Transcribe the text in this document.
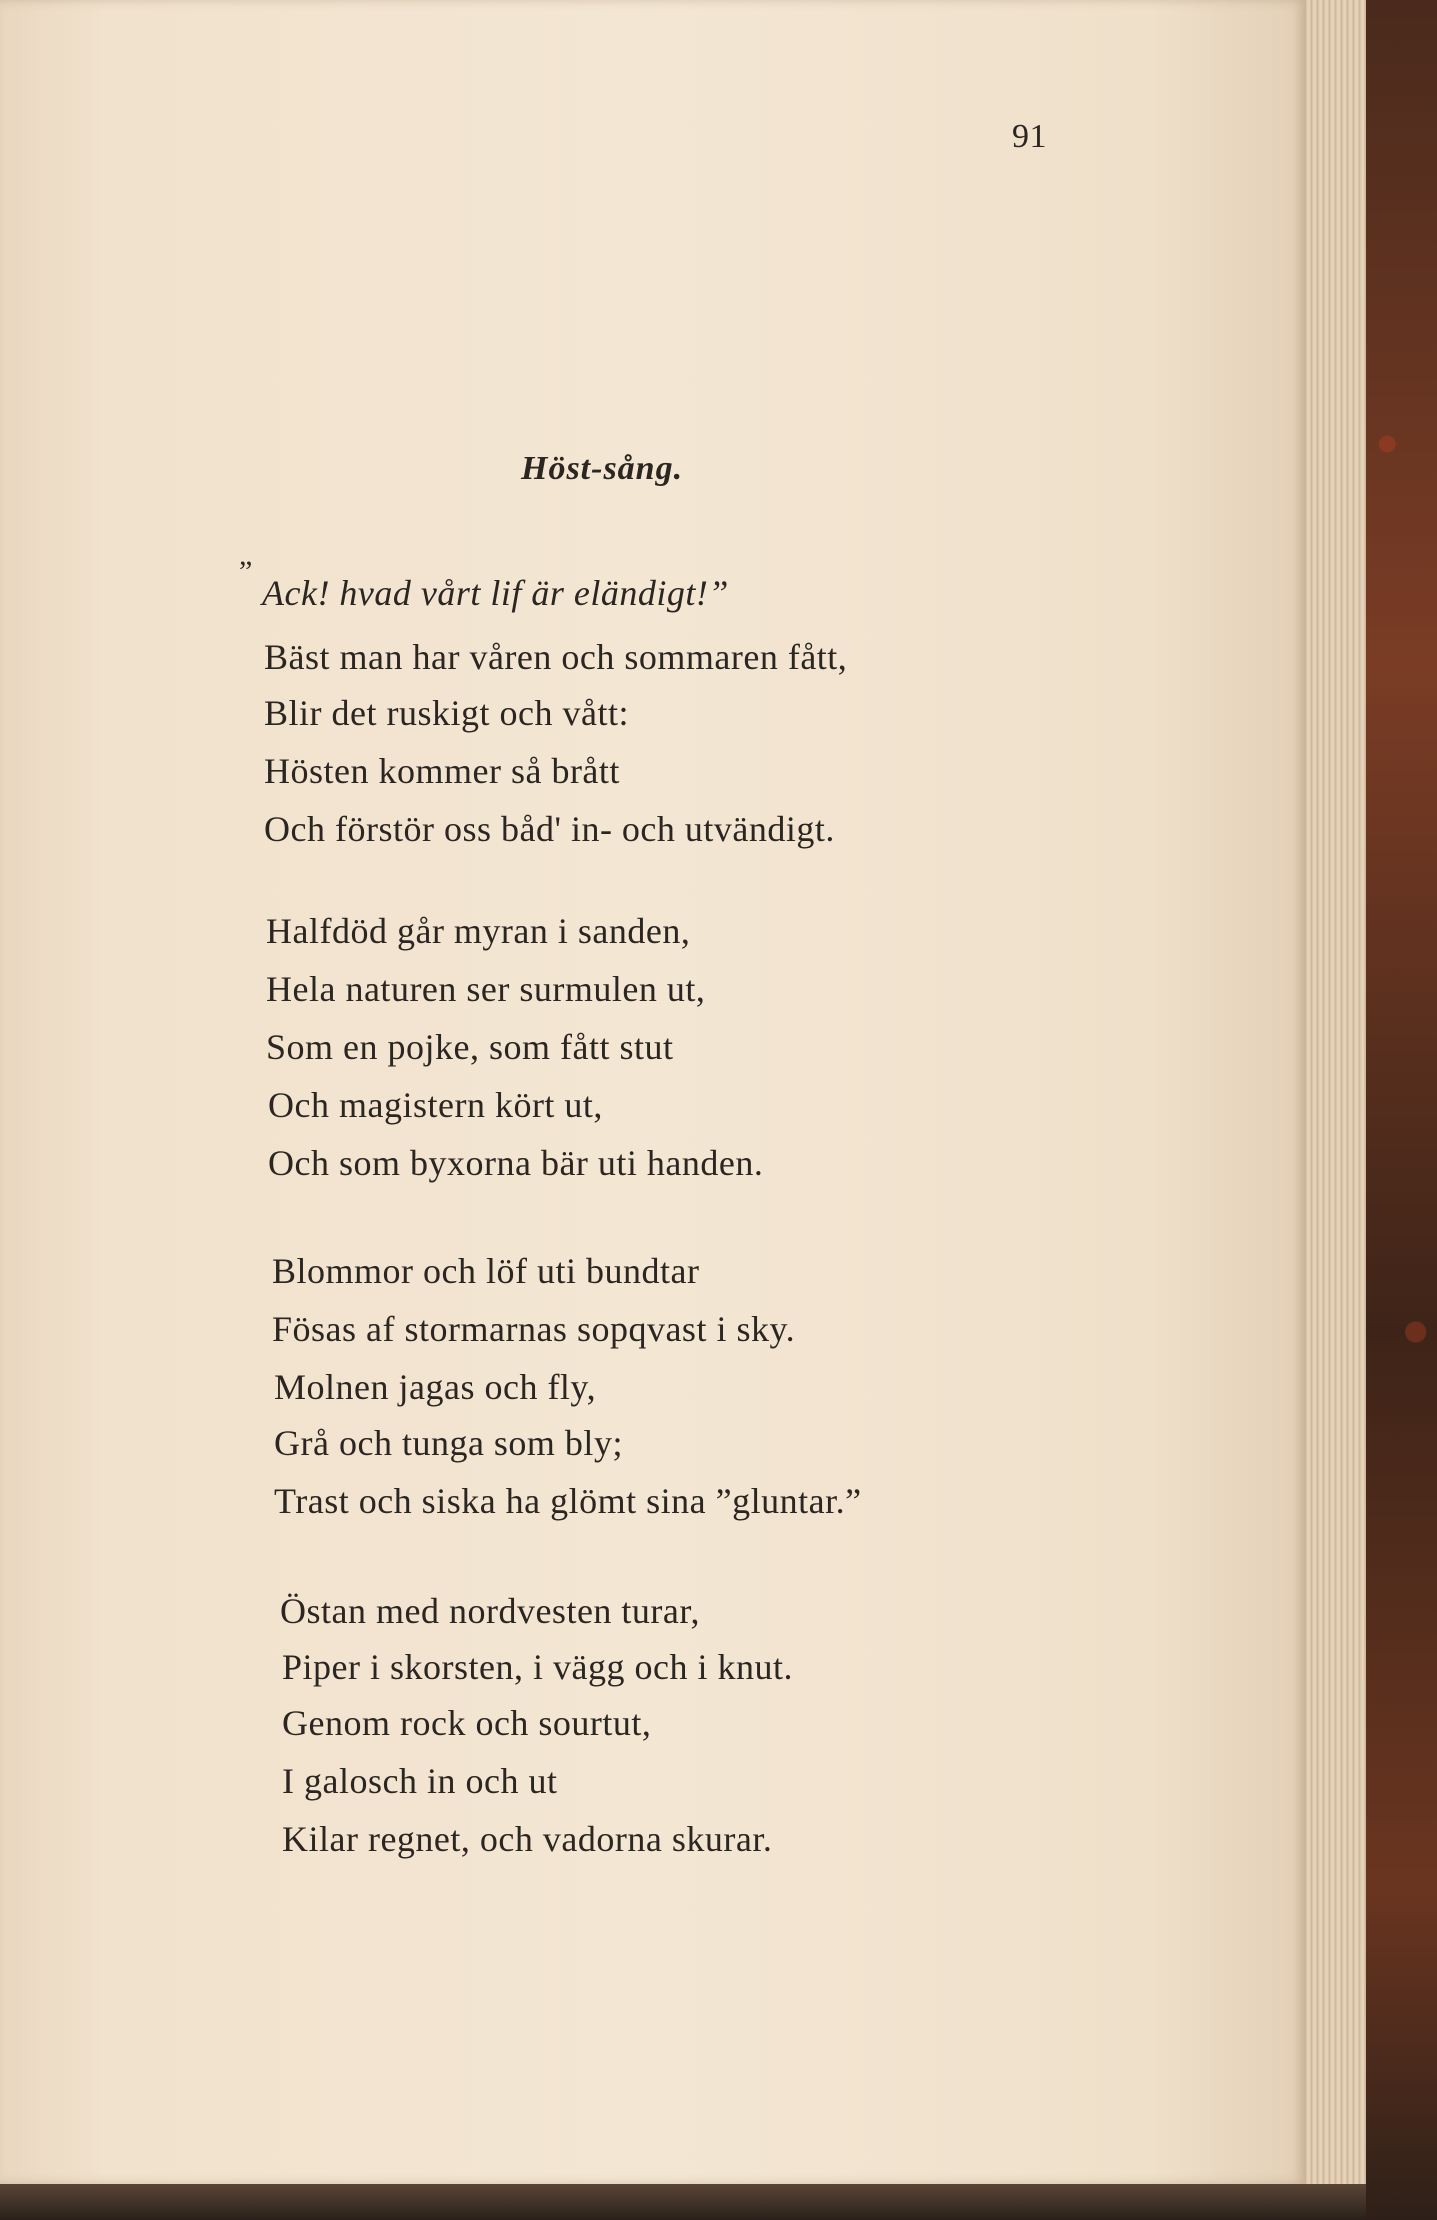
91
Höst-sång.
”
Ack! hvad vårt lif är eländigt!”
Bäst man har våren och sommaren fått,
Blir det ruskigt och vått:
Hösten kommer så brått
Och förstör oss båd' in- och utvändigt.
Halfdöd går myran i sanden,
Hela naturen ser surmulen ut,
Som en pojke, som fått stut
Och magistern kört ut,
Och som byxorna bär uti handen.
Blommor och löf uti bundtar
Fösas af stormarnas sopqvast i sky.
Molnen jagas och fly,
Grå och tunga som bly;
Trast och siska ha glömt sina ”gluntar.”
Östan med nordvesten turar,
Piper i skorsten, i vägg och i knut.
Genom rock och sourtut,
I galosch in och ut
Kilar regnet, och vadorna skurar.
